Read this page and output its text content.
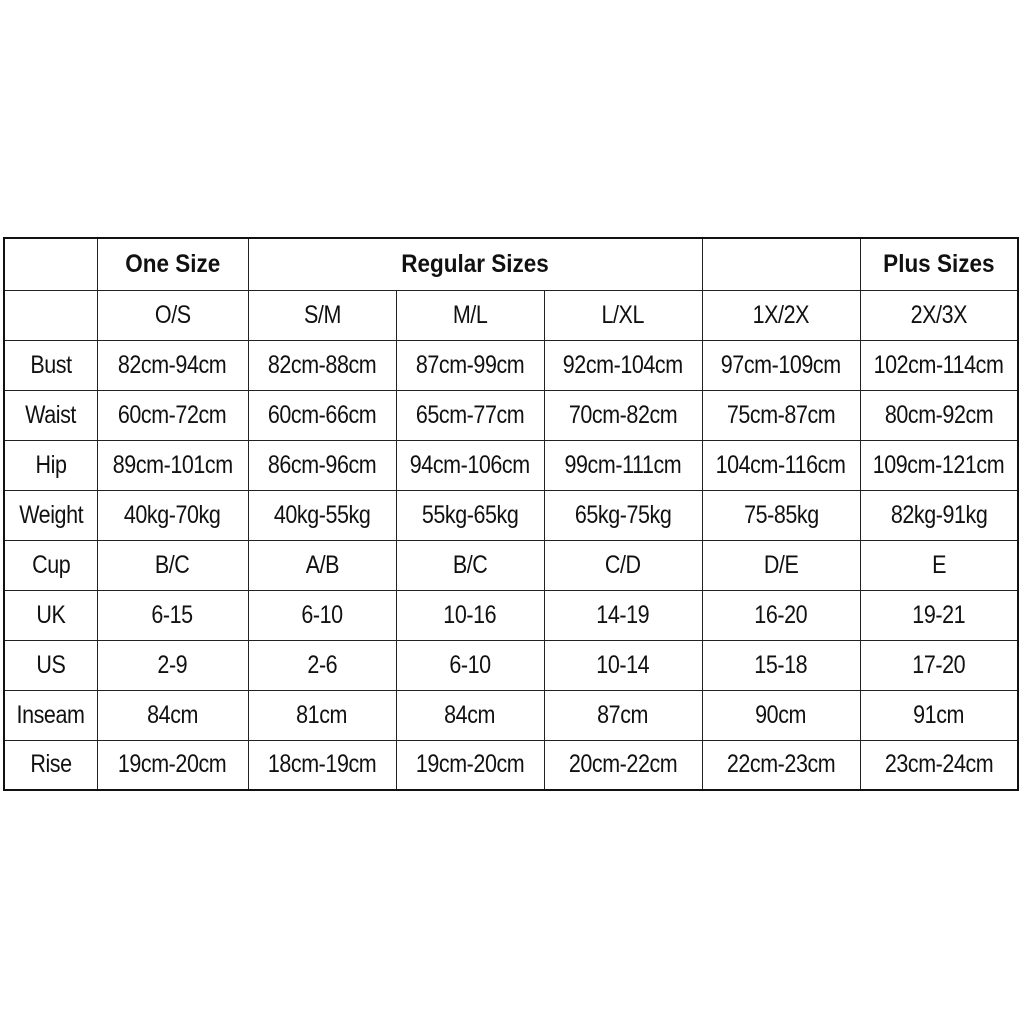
	One Size	Regular Sizes				Plus Sizes
	O/S	S/M	M/L	L/XL	1X/2X	2X/3X
Bust	82cm-94cm	82cm-88cm	87cm-99cm	92cm-104cm	97cm-109cm	102cm-114cm
Waist	60cm-72cm	60cm-66cm	65cm-77cm	70cm-82cm	75cm-87cm	80cm-92cm
Hip	89cm-101cm	86cm-96cm	94cm-106cm	99cm-111cm	104cm-116cm	109cm-121cm
Weight	40kg-70kg	40kg-55kg	55kg-65kg	65kg-75kg	75-85kg	82kg-91kg
Cup	B/C	A/B	B/C	C/D	D/E	E
UK	6-15	6-10	10-16	14-19	16-20	19-21
US	2-9	2-6	6-10	10-14	15-18	17-20
Inseam	84cm	81cm	84cm	87cm	90cm	91cm
Rise	19cm-20cm	18cm-19cm	19cm-20cm	20cm-22cm	22cm-23cm	23cm-24cm
